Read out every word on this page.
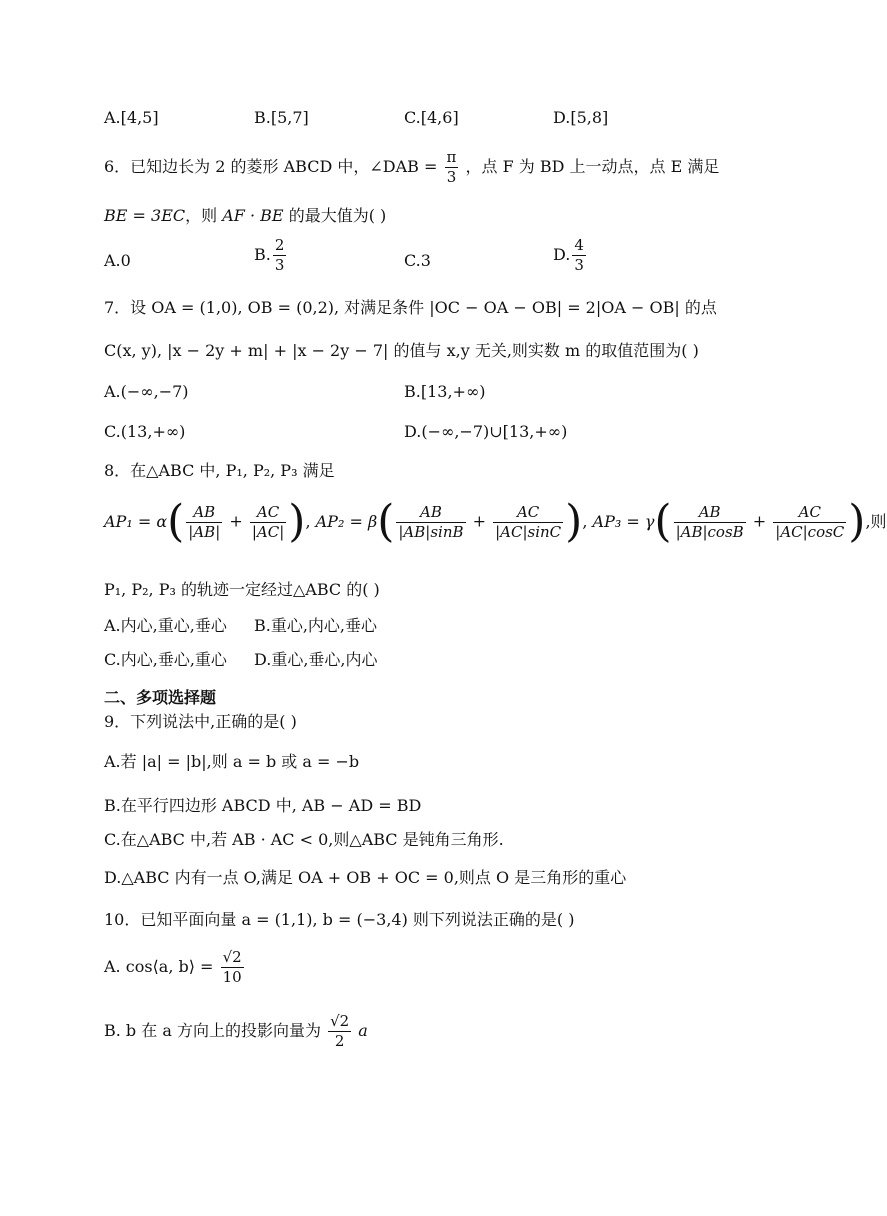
A.[4,5]	B.[5,7]	C.[4,6]	D.[5,8]
6．已知边长为 2 的菱形 ABCD 中，∠DAB = $\frac{\pi}{3}$ ，点 F 为 BD 上一动点，点 E 满足
BE = 3EC，则 AF · BE 的最大值为( )
A.0	B. $\frac{2}{3}$	C.3	D. $\frac{4}{3}$
7．设 OA = (1,0), OB = (0,2), 对满足条件 |OC − OA − OB| = 2|OA − OB| 的点
C(x, y), |x − 2y + m| + |x − 2y − 7| 的值与 x,y 无关,则实数 m 的取值范围为( )
A.(−∞,−7)	B.[13,+∞)
C.(13,+∞)	D.(−∞,−7)∪[13,+∞)
8．在△ABC 中, P₁, P₂, P₃ 满足
$AP_1 = \alpha( \frac{AB}{|AB|} + \frac{AC}{|AC|}$ ), $AP_2 = \beta( \frac{AB}{|AB|\sin B} + \frac{AC}{|AC|\sin C}$ ), $AP_3 = \gamma( \frac{AB}{|AB|\cos B} + \frac{AC}{|AC|\cos C}$ ),则
P₁, P₂, P₃ 的轨迹一定经过△ABC 的( )
A.内心,重心,垂心 B.重心,内心,垂心
C.内心,垂心,重心 D.重心,垂心,内心
二、多项选择题
9．下列说法中,正确的是( )
A.若 |a| = |b|,则 a = b 或 a = −b
B.在平行四边形 ABCD 中, AB − AD = BD
C.在△ABC 中,若 AB · AC < 0,则△ABC 是钝角三角形.
D.△ABC 内有一点 O,满足 OA + OB + OC = 0,则点 O 是三角形的重心
10．已知平面向量 a = (1,1), b = (−3,4) 则下列说法正确的是( )
A. cos⟨a, b⟩ = $\frac{√2}{10}$
B. b 在 a 方向上的投影向量为 $\frac{√2}{2}$ a
